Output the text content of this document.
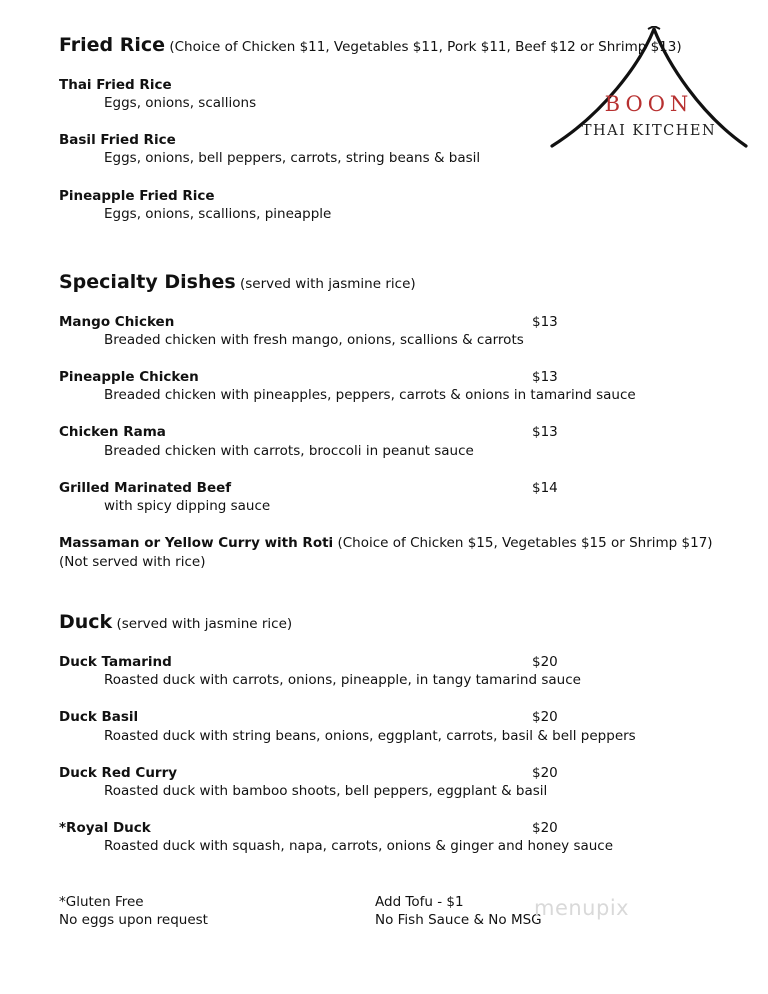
BOON
THAI KITCHEN
Fried Rice (Choice of Chicken $11, Vegetables $11, Pork $11, Beef $12 or Shrimp $13)
Thai Fried Rice
Eggs, onions, scallions
Basil Fried Rice
Eggs, onions, bell peppers, carrots, string beans & basil
Pineapple Fried Rice
Eggs, onions, scallions, pineapple
Specialty Dishes (served with jasmine rice)
Mango Chicken	$13
Breaded chicken with fresh mango, onions, scallions & carrots
Pineapple Chicken	$13
Breaded chicken with pineapples, peppers, carrots & onions in tamarind sauce
Chicken Rama	$13
Breaded chicken with carrots, broccoli in peanut sauce
Grilled Marinated Beef	$14
with spicy dipping sauce
Massaman or Yellow Curry with Roti (Choice of Chicken $15, Vegetables $15 or Shrimp $17)
(Not served with rice)
Duck (served with jasmine rice)
Duck Tamarind	$20
Roasted duck with carrots, onions, pineapple, in tangy tamarind sauce
Duck Basil	$20
Roasted duck with string beans, onions, eggplant, carrots, basil & bell peppers
Duck Red Curry	$20
Roasted duck with bamboo shoots, bell peppers, eggplant & basil
*Royal Duck	$20
Roasted duck with squash, napa, carrots, onions & ginger and honey sauce
*Gluten Free
No eggs upon request
Add Tofu - $1
No Fish Sauce & No MSG
menupix
